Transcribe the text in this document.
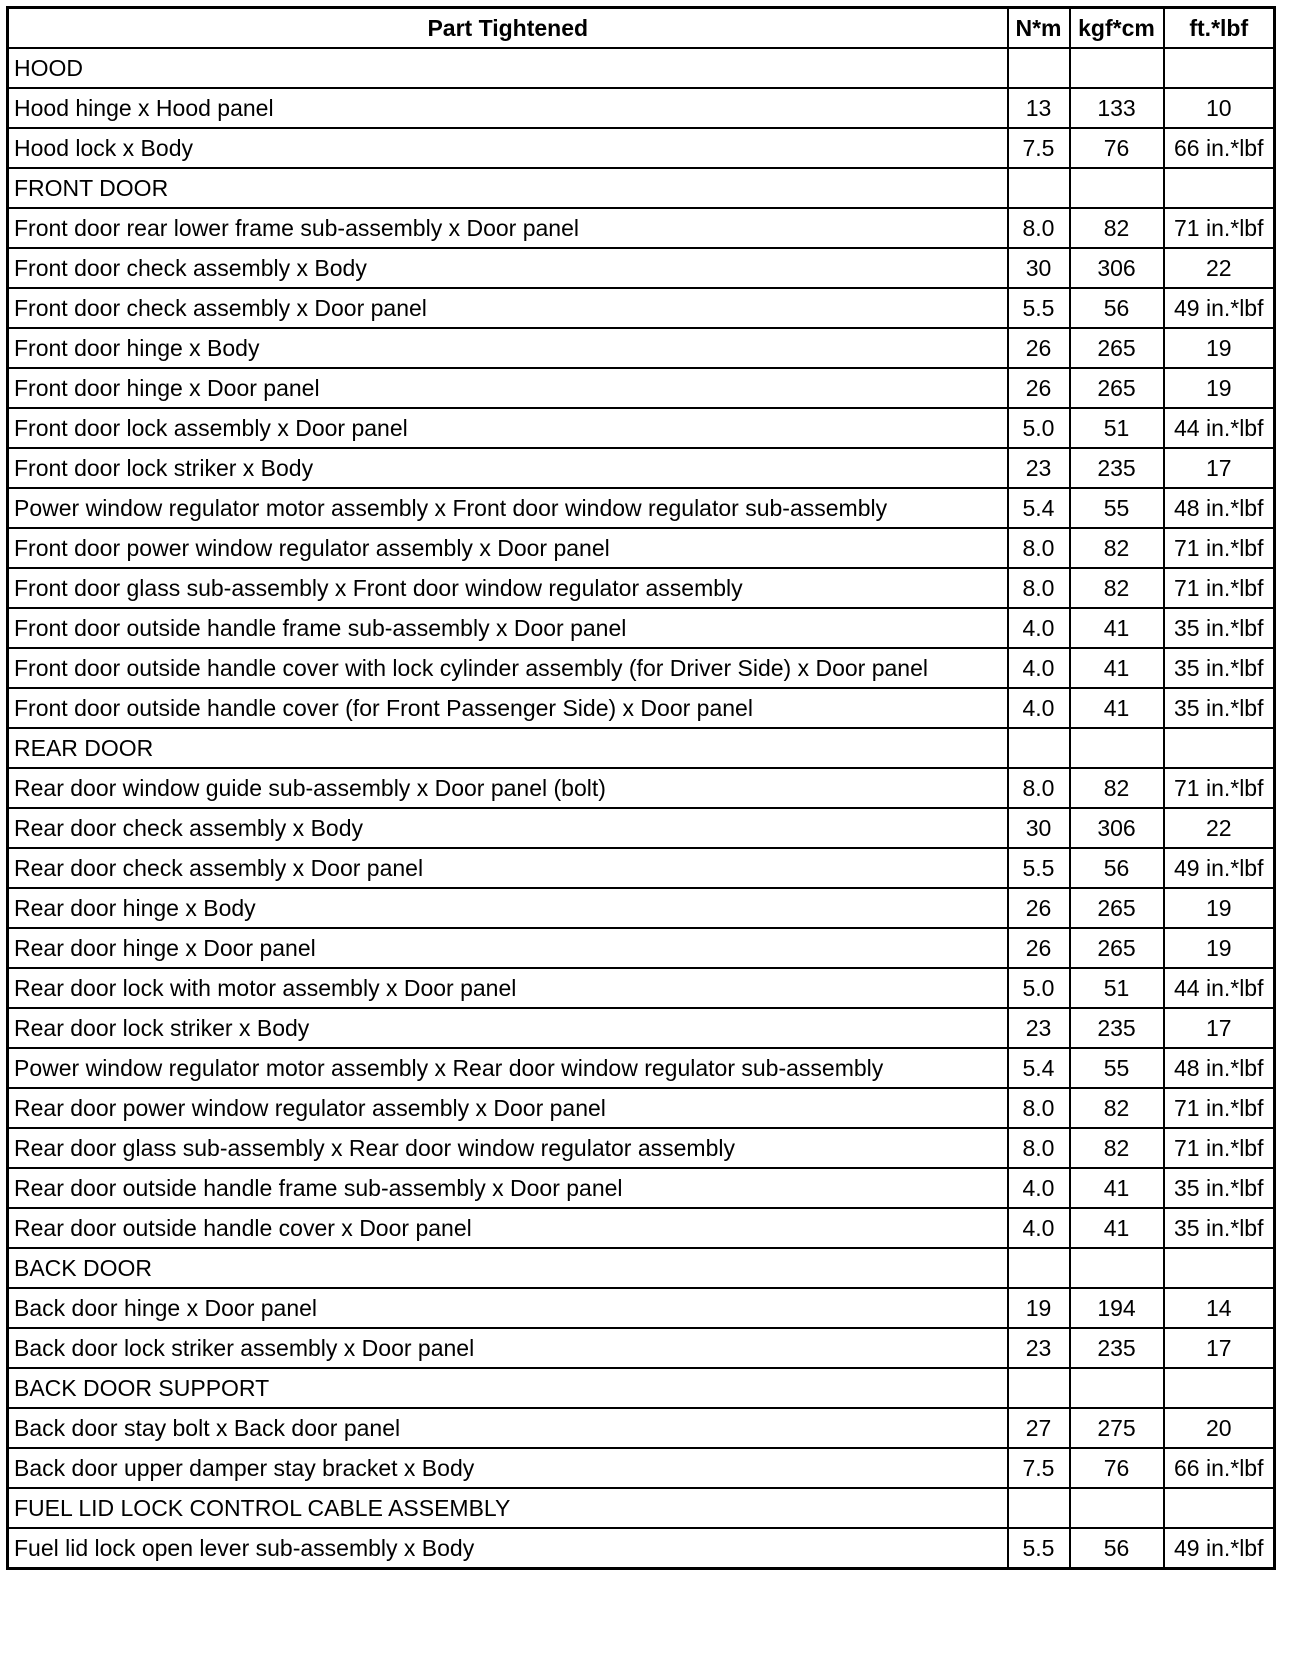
Part Tightened	N*m	kgf*cm	ft.*lbf
HOOD			
Hood hinge x Hood panel	13	133	10
Hood lock x Body	7.5	76	66 in.*lbf
FRONT DOOR			
Front door rear lower frame sub-assembly x Door panel	8.0	82	71 in.*lbf
Front door check assembly x Body	30	306	22
Front door check assembly x Door panel	5.5	56	49 in.*lbf
Front door hinge x Body	26	265	19
Front door hinge x Door panel	26	265	19
Front door lock assembly x Door panel	5.0	51	44 in.*lbf
Front door lock striker x Body	23	235	17
Power window regulator motor assembly x Front door window regulator sub-assembly	5.4	55	48 in.*lbf
Front door power window regulator assembly x Door panel	8.0	82	71 in.*lbf
Front door glass sub-assembly x Front door window regulator assembly	8.0	82	71 in.*lbf
Front door outside handle frame sub-assembly x Door panel	4.0	41	35 in.*lbf
Front door outside handle cover with lock cylinder assembly (for Driver Side) x Door panel	4.0	41	35 in.*lbf
Front door outside handle cover (for Front Passenger Side) x Door panel	4.0	41	35 in.*lbf
REAR DOOR			
Rear door window guide sub-assembly x Door panel (bolt)	8.0	82	71 in.*lbf
Rear door check assembly x Body	30	306	22
Rear door check assembly x Door panel	5.5	56	49 in.*lbf
Rear door hinge x Body	26	265	19
Rear door hinge x Door panel	26	265	19
Rear door lock with motor assembly x Door panel	5.0	51	44 in.*lbf
Rear door lock striker x Body	23	235	17
Power window regulator motor assembly x Rear door window regulator sub-assembly	5.4	55	48 in.*lbf
Rear door power window regulator assembly x Door panel	8.0	82	71 in.*lbf
Rear door glass sub-assembly x Rear door window regulator assembly	8.0	82	71 in.*lbf
Rear door outside handle frame sub-assembly x Door panel	4.0	41	35 in.*lbf
Rear door outside handle cover x Door panel	4.0	41	35 in.*lbf
BACK DOOR			
Back door hinge x Door panel	19	194	14
Back door lock striker assembly x Door panel	23	235	17
BACK DOOR SUPPORT			
Back door stay bolt x Back door panel	27	275	20
Back door upper damper stay bracket x Body	7.5	76	66 in.*lbf
FUEL LID LOCK CONTROL CABLE ASSEMBLY			
Fuel lid lock open lever sub-assembly x Body	5.5	56	49 in.*lbf
